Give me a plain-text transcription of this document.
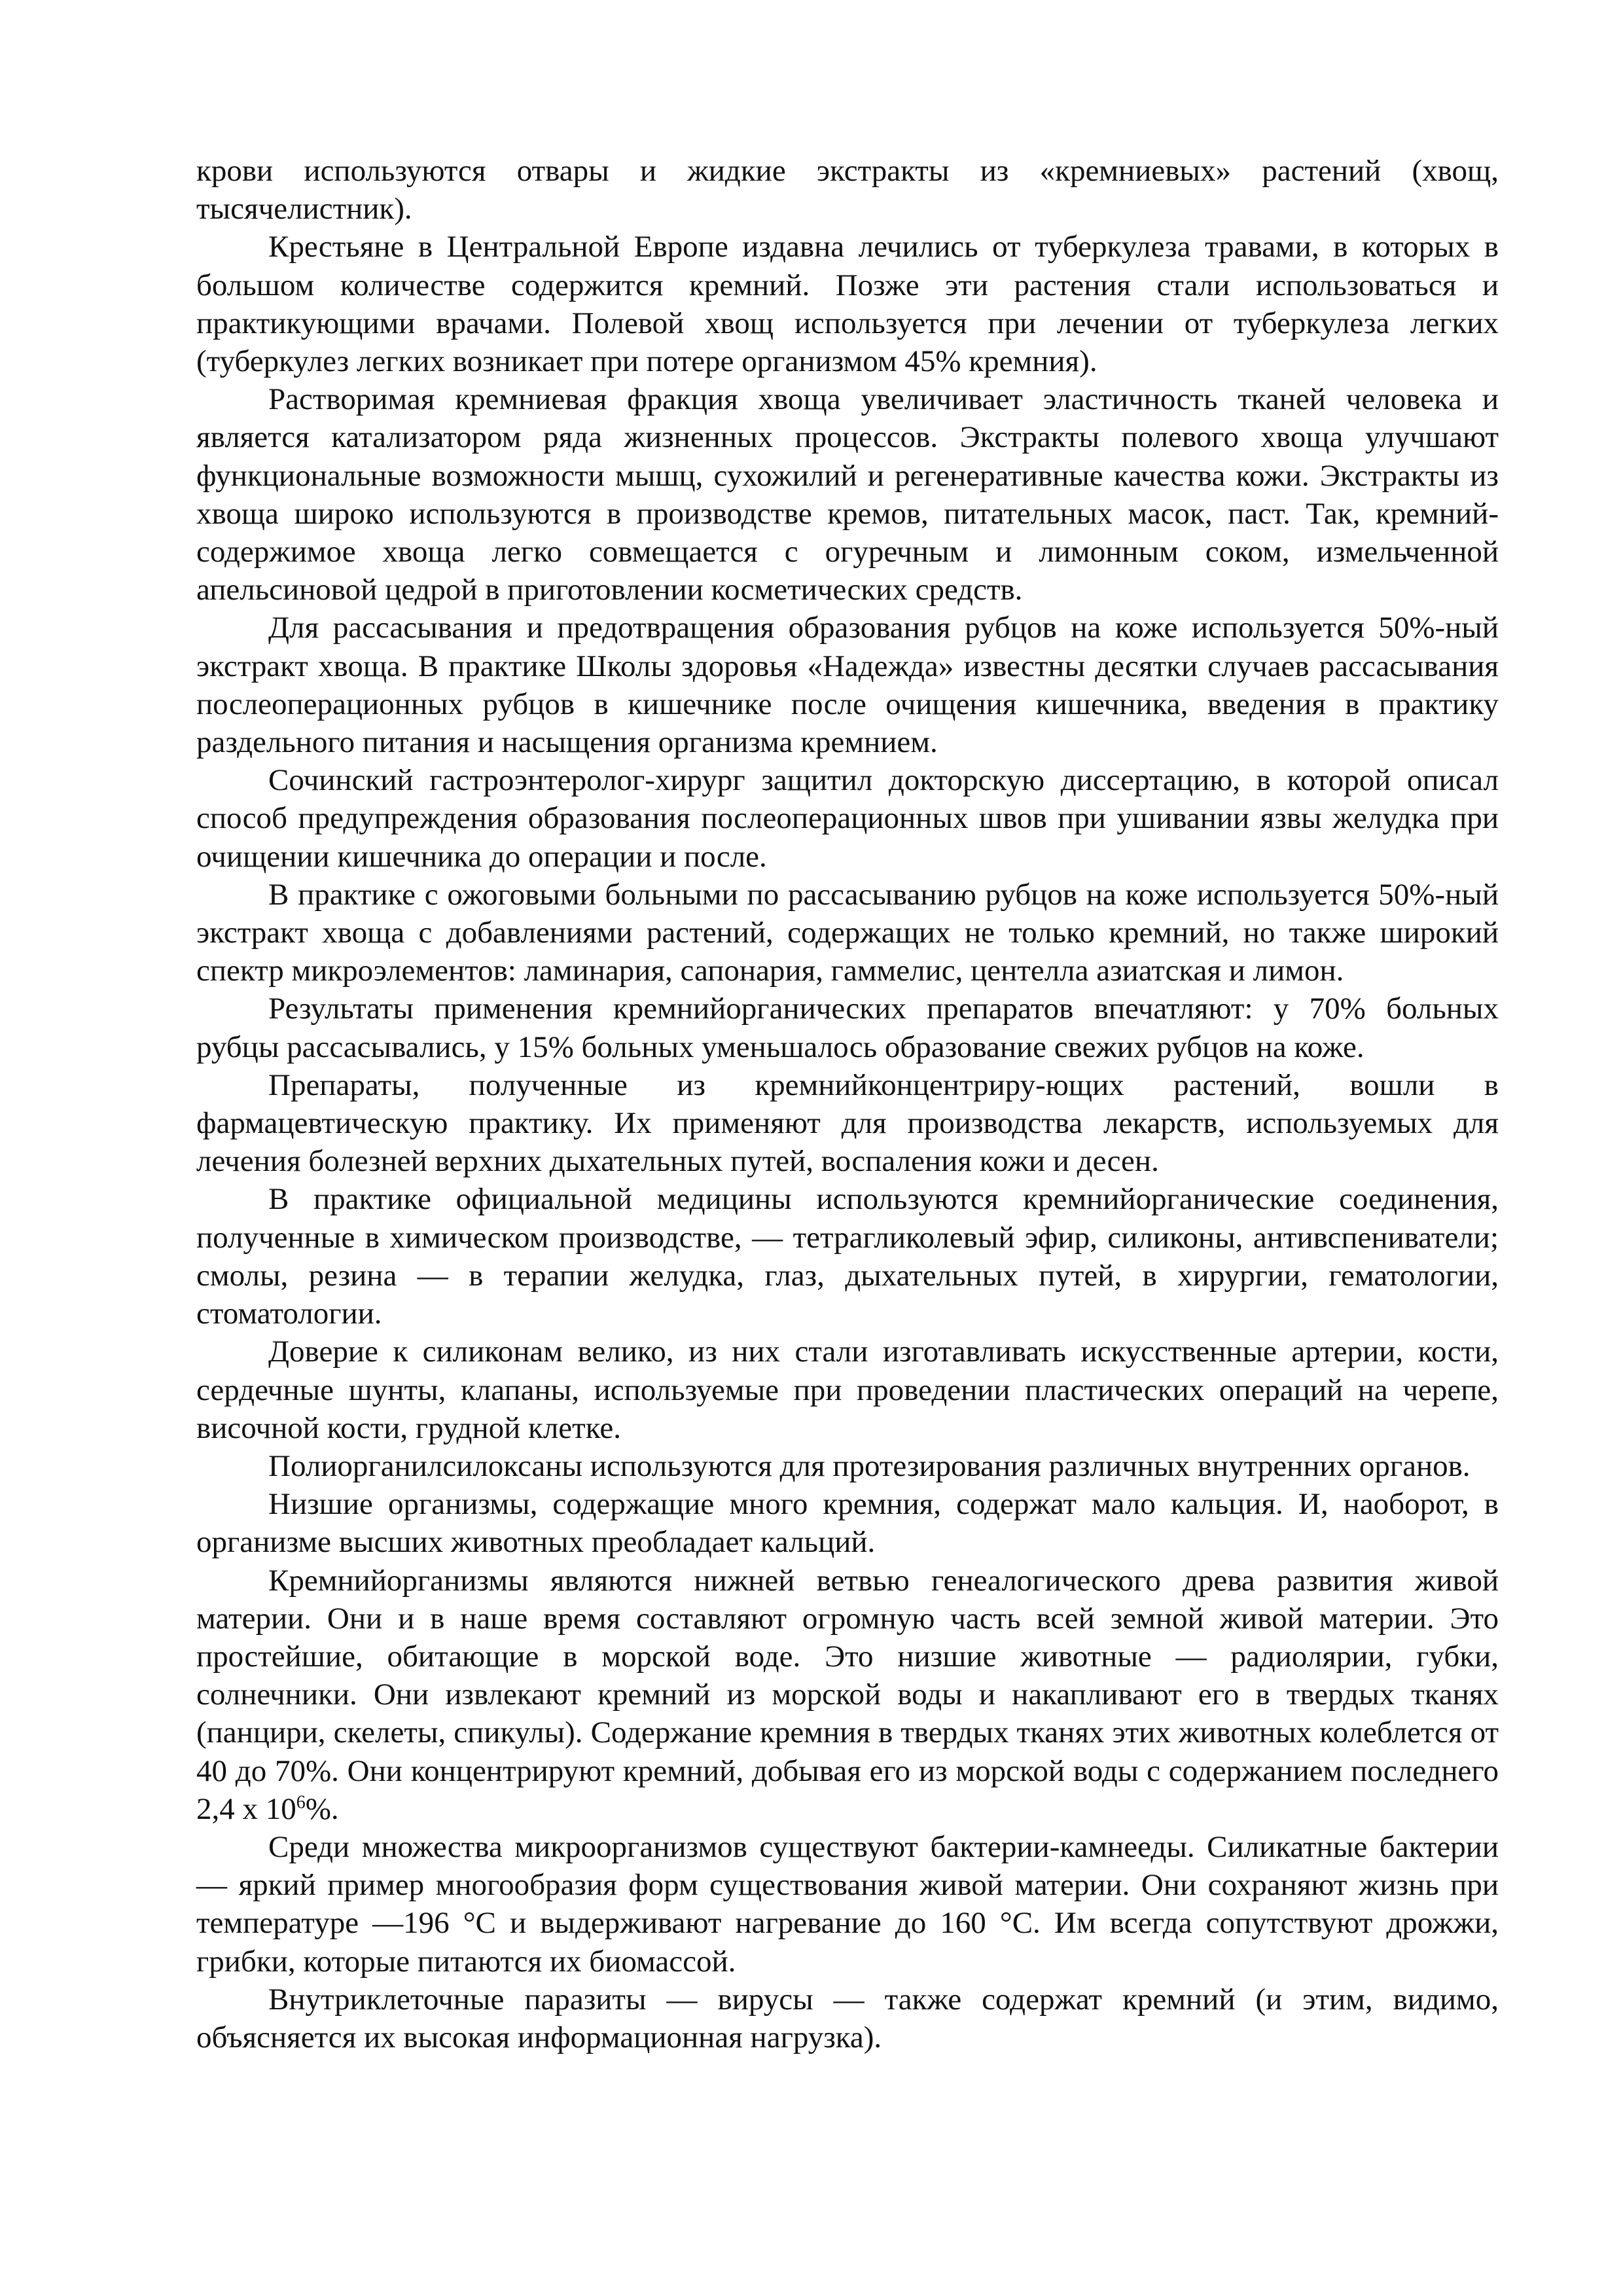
крови используются отвары и жидкие экстракты из «кремниевых» растений (хвощ, тысячелистник).

Крестьяне в Центральной Европе издавна лечились от туберкулеза травами, в которых в большом количестве содержится кремний. Позже эти растения стали использоваться и практикующими врачами. Полевой хвощ используется при лечении от туберкулеза легких (туберкулез легких возникает при потере организмом 45% кремния).

Растворимая кремниевая фракция хвоща увеличивает эластичность тканей человека и является катализатором ряда жизненных процессов. Экстракты полевого хвоща улучшают функциональные возможности мышц, сухожилий и регенеративные качества кожи. Экстракты из хвоща широко используются в производстве кремов, питательных масок, паст. Так, кремний-содержимое хвоща легко совмещается с огуречным и лимонным соком, измельченной апельсиновой цедрой в приготовлении косметических средств.

Для рассасывания и предотвращения образования рубцов на коже используется 50%-ный экстракт хвоща. В практике Школы здоровья «Надежда» известны десятки случаев рассасывания послеоперационных рубцов в кишечнике после очищения кишечника, введения в практику раздельного питания и насыщения организма кремнием.

Сочинский гастроэнтеролог-хирург защитил докторскую диссертацию, в которой описал способ предупреждения образования послеоперационных швов при ушивании язвы желудка при очищении кишечника до операции и после.

В практике с ожоговыми больными по рассасыванию рубцов на коже используется 50%-ный экстракт хвоща с добавлениями растений, содержащих не только кремний, но также широкий спектр микроэлементов: ламинария, сапонария, гаммелис, центелла азиатская и лимон.

Результаты применения кремнийорганических препаратов впечатляют: у 70% больных рубцы рассасывались, у 15% больных уменьшалось образование свежих рубцов на коже.

Препараты, полученные из кремнийконцентриру-ющих растений, вошли в фармацевтическую практику. Их применяют для производства лекарств, используемых для лечения болезней верхних дыхательных путей, воспаления кожи и десен.

В практике официальной медицины используются кремнийорганические соединения, полученные в химическом производстве, — тетрагликолевый эфир, силиконы, антивспениватели; смолы, резина — в терапии желудка, глаз, дыхательных путей, в хирургии, гематологии, стоматологии.

Доверие к силиконам велико, из них стали изготавливать искусственные артерии, кости, сердечные шунты, клапаны, используемые при проведении пластических операций на черепе, височной кости, грудной клетке.

Полиорганилсилоксаны используются для протезирования различных внутренних органов.

Низшие организмы, содержащие много кремния, содержат мало кальция. И, наоборот, в организме высших животных преобладает кальций.

Кремнийорганизмы являются нижней ветвью генеалогического древа развития живой материи. Они и в наше время составляют огромную часть всей земной живой материи. Это простейшие, обитающие в морской воде. Это низшие животные — радиолярии, губки, солнечники. Они извлекают кремний из морской воды и накапливают его в твердых тканях (панцири, скелеты, спикулы). Содержание кремния в твердых тканях этих животных колеблется от 40 до 70%. Они концентрируют кремний, добывая его из морской воды с содержанием последнего 2,4 х $10^6\%$.

Среди множества микроорганизмов существуют бактерии-камнееды. Силикатные бактерии — яркий пример многообразия форм существования живой материи. Они сохраняют жизнь при температуре —196 °С и выдерживают нагревание до 160 °С. Им всегда сопутствуют дрожжи, грибки, которые питаются их биомассой.

Внутриклеточные паразиты — вирусы — также содержат кремний (и этим, видимо, объясняется их высокая информационная нагрузка).
